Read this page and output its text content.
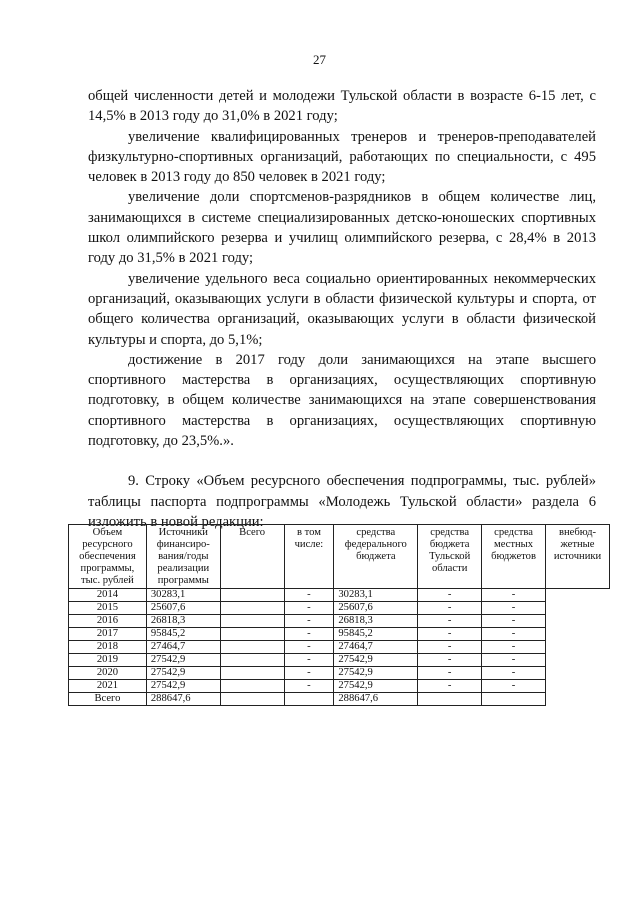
27

общей численности детей и молодежи Тульской области в возрасте 6-15 лет, с 14,5% в 2013 году до 31,0% в 2021 году;

увеличение квалифицированных тренеров и тренеров-преподавателей физкультурно-спортивных организаций, работающих по специальности, с 495 человек в 2013 году до 850 человек в 2021 году;

увеличение доли спортсменов-разрядников в общем количестве лиц, занимающихся в системе специализированных детско-юношеских спортивных школ олимпийского резерва и училищ олимпийского резерва, с 28,4% в 2013 году до 31,5% в 2021 году;

увеличение удельного веса социально ориентированных некоммерческих организаций, оказывающих услуги в области физической культуры и спорта, от общего количества организаций, оказывающих услуги в области физической культуры и спорта, до 5,1%;

достижение в 2017 году доли занимающихся на этапе высшего спортивного мастерства в организациях, осуществляющих спортивную подготовку, в общем количестве занимающихся на этапе совершенствования спортивного мастерства в организациях, осуществляющих спортивную подготовку, до 23,5%.».

9. Строку «Объем ресурсного обеспечения подпрограммы, тыс. рублей» таблицы паспорта подпрограммы «Молодежь Тульской области» раздела 6 изложить в новой редакции:

Объем ресурсного обеспечения программы, тыс. рублей	Источники финансиро-вания/годы реализации программы	Всего	в том числе:	средства федерального бюджета	средства бюджета Тульской области	средства местных бюджетов	внебюд-жетные источники
2014	30283,1		-	30283,1	-	-	
2015	25607,6		-	25607,6	-	-	
2016	26818,3		-	26818,3	-	-	
2017	95845,2		-	95845,2	-	-	
2018	27464,7		-	27464,7	-	-	
2019	27542,9		-	27542,9	-	-	
2020	27542,9		-	27542,9	-	-	
2021	27542,9		-	27542,9	-	-	
Всего	288647,6			288647,6			
